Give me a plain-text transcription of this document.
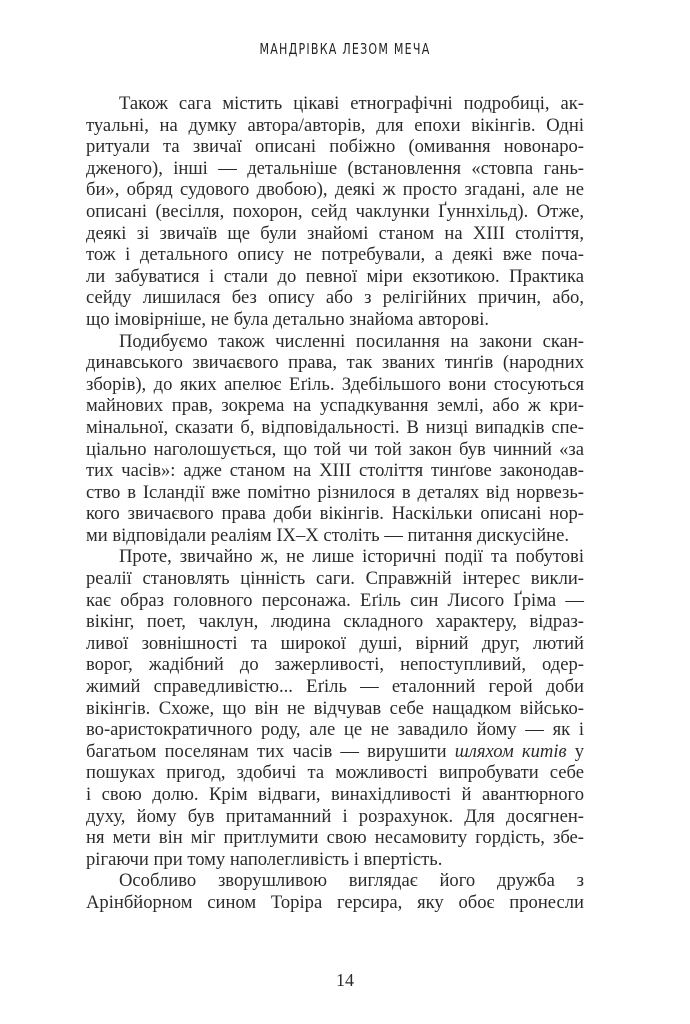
МАНДРІВКА ЛЕЗОМ МЕЧА
Також сага містить цікаві етнографічні подробиці, ак-
туальні, на думку автора/авторів, для епохи вікінгів. Одні
ритуали та звичаї описані побіжно (омивання новонаро-
дженого), інші — детальніше (встановлення «стовпа гань-
би», обряд судового двобою), деякі ж просто згадані, але не
описані (весілля, похорон, сейд чаклунки Ґуннхільд). Отже,
деякі зі звичаїв ще були знайомі станом на XIII століття,
тож і детального опису не потребували, а деякі вже поча-
ли забуватися і стали до певної міри екзотикою. Практика
сейду лишилася без опису або з релігійних причин, або,
що імовірніше, не була детально знайома авторові.
Подибуємо також численні посилання на закони скан-
динавського звичаєвого права, так званих тинґів (народних
зборів), до яких апелює Еґіль. Здебільшого вони стосуються
майнових прав, зокрема на успадкування землі, або ж кри-
мінальної, сказати б, відповідальності. В низці випадків спе-
ціально наголошується, що той чи той закон був чинний «за
тих часів»: адже станом на XIII століття тинґове законодав-
ство в Ісландії вже помітно різнилося в деталях від норвезь-
кого звичаєвого права доби вікінгів. Наскільки описані нор-
ми відповідали реаліям IX–X століть — питання дискусійне.
Проте, звичайно ж, не лише історичні події та побутові
реалії становлять цінність саги. Справжній інтерес викли-
кає образ головного персонажа. Еґіль син Лисого Ґріма —
вікінг, поет, чаклун, людина складного характеру, відраз-
ливої зовнішності та широкої душі, вірний друг, лютий
ворог, жадібний до зажерливості, непоступливий, одер-
жимий справедливістю... Еґіль — еталонний герой доби
вікінгів. Схоже, що він не відчував себе нащадком військо-
во-аристократичного роду, але це не завадило йому — як і
багатьом поселянам тих часів — вирушити шляхом китів у
пошуках пригод, здобичі та можливості випробувати себе
і свою долю. Крім відваги, винахідливості й авантюрного
духу, йому був притаманний і розрахунок. Для досягнен-
ня мети він міг притлумити свою несамовиту гордість, збе-
рігаючи при тому наполегливість і впертість.
Особливо зворушливою виглядає його дружба з
Арінбйорном сином Торіра герсира, яку обоє пронесли
14
